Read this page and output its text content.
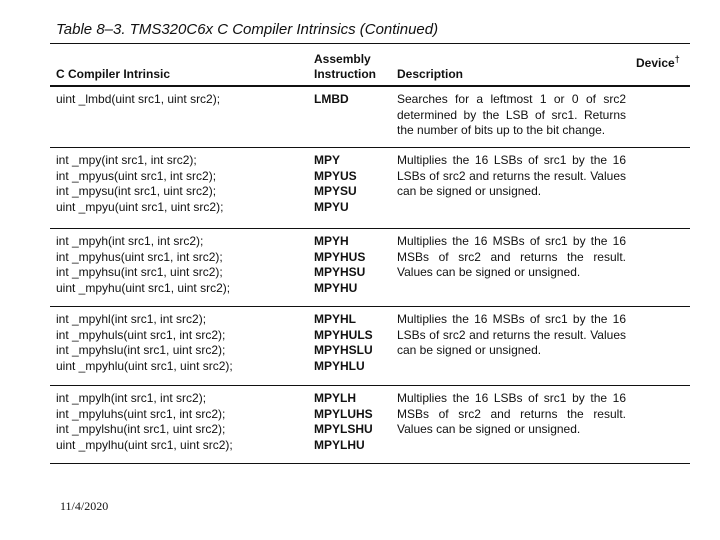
Table 8–3. TMS320C6x C Compiler Intrinsics (Continued)
C Compiler Intrinsic
Assembly
Instruction Description
Device†
uint _lmbd(uint src1, uint src2);	LMBD	Searches for a leftmost 1 or 0 of src2 determined by the LSB of src1. Returns the number of bits up to the bit change.
int _mpy(int src1, int src2);
int _mpyus(uint src1, int src2);
int _mpysu(int src1, uint src2);
uint _mpyu(uint src1, uint src2);
MPY
MPYUS
MPYSU
MPYU
Multiplies the 16 LSBs of src1 by the 16 LSBs of src2 and returns the result. Values can be signed or unsigned.
int _mpyh(int src1, int src2);
int _mpyhus(uint src1, int src2);
int _mpyhsu(int src1, uint src2);
uint _mpyhu(uint src1, uint src2);
MPYH
MPYHUS
MPYHSU
MPYHU
Multiplies the 16 MSBs of src1 by the 16 MSBs of src2 and returns the result. Values can be signed or unsigned.
int _mpyhl(int src1, int src2);
int _mpyhuls(uint src1, int src2);
int _mpyhslu(int src1, uint src2);
uint _mpyhlu(uint src1, uint src2);
MPYHL
MPYHULS
MPYHSLU
MPYHLU
Multiplies the 16 MSBs of src1 by the 16 LSBs of src2 and returns the result. Values can be signed or unsigned.
int _mpylh(int src1, int src2);
int _mpyluhs(uint src1, int src2);
int _mpylshu(int src1, uint src2);
uint _mpylhu(uint src1, uint src2);
MPYLH
MPYLUHS
MPYLSHU
MPYLHU
Multiplies the 16 LSBs of src1 by the 16 MSBs of src2 and returns the result. Values can be signed or unsigned.
11/4/2020
